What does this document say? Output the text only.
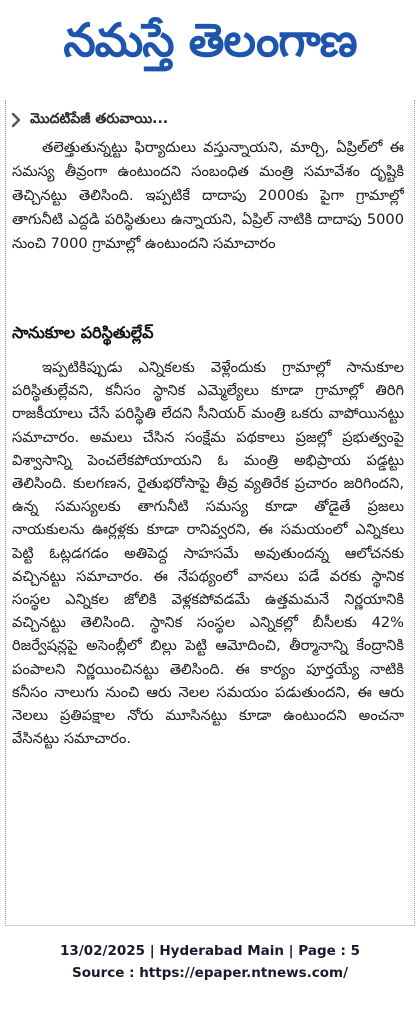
నమస్తే తెలంగాణ
మొదటిపేజీ తరువాయి...
తలెత్తుతున్నట్టు ఫిర్యాదులు వస్తున్నాయని, మార్చి, ఏప్రిల్‌లో ఈ సమస్య తీవ్రంగా ఉంటుందని సంబంధిత మంత్రి సమావేశం దృష్టికి తెచ్చినట్టు తెలిసింది. ఇప్పటికే దాదాపు 2000కు పైగా గ్రామాల్లో తాగునీటి ఎద్దడి పరిస్థితులు ఉన్నాయని, ఏప్రిల్ నాటికి దాదాపు 5000 నుంచి 7000 గ్రామాల్లో ఉంటుందని సమాచారం
సానుకూల పరిస్థితుల్లేవ్
ఇప్పటికిప్పుడు ఎన్నికలకు వెళ్లేందుకు గ్రామాల్లో సానుకూల పరిస్థితుల్లేవని, కనీసం స్థానిక ఎమ్మెల్యేలు కూడా గ్రామాల్లో తిరిగి రాజకీయాలు చేసే పరిస్థితి లేదని సీనియర్ మంత్రి ఒకరు వాపోయినట్టు సమాచారం. అమలు చేసిన సంక్షేమ పథకాలు ప్రజల్లో ప్రభుత్వంపై విశ్వాసాన్ని పెంచలేకపోయాయని ఓ మంత్రి అభిప్రాయ పడ్డట్టు తెలిసింది. కులగణన, రైతుభరోసాపై తీవ్ర వ్యతిరేక ప్రచారం జరిగిందని, ఉన్న సమస్యలకు తాగునీటి సమస్య కూడా తోడైతే ప్రజలు నాయకులను ఊర్లళ్లకు కూడా రానివ్వరని, ఈ సమయంలో ఎన్నికలు పెట్టి ఓట్లడగడం అతిపెద్ద సాహసమే అవుతుందన్న ఆలోచనకు వచ్చినట్టు సమాచారం. ఈ నేపథ్యంలో వానలు పడే వరకు స్థానిక సంస్థల ఎన్నికల జోలికి వెళ్లకపోవడమే ఉత్తమమనే నిర్ణయానికి వచ్చినట్టు తెలిసింది. స్థానిక సంస్థల ఎన్నికల్లో బీసీలకు 42% రిజర్వేషన్లపై అసెంబ్లీలో బిల్లు పెట్టి ఆమోదించి, తీర్మానాన్ని కేంద్రానికి పంపాలని నిర్ణయించినట్టు తెలిసింది. ఈ కార్యం పూర్తయ్యే నాటికి కనీసం నాలుగు నుంచి ఆరు నెలల సమయం పడుతుందని, ఈ ఆరు నెలలు ప్రతిపక్షాల నోరు మూసినట్టు కూడా ఉంటుందని అంచనా వేసినట్టు సమాచారం.
13/02/2025 | Hyderabad Main | Page : 5
Source : https://epaper.ntnews.com/
